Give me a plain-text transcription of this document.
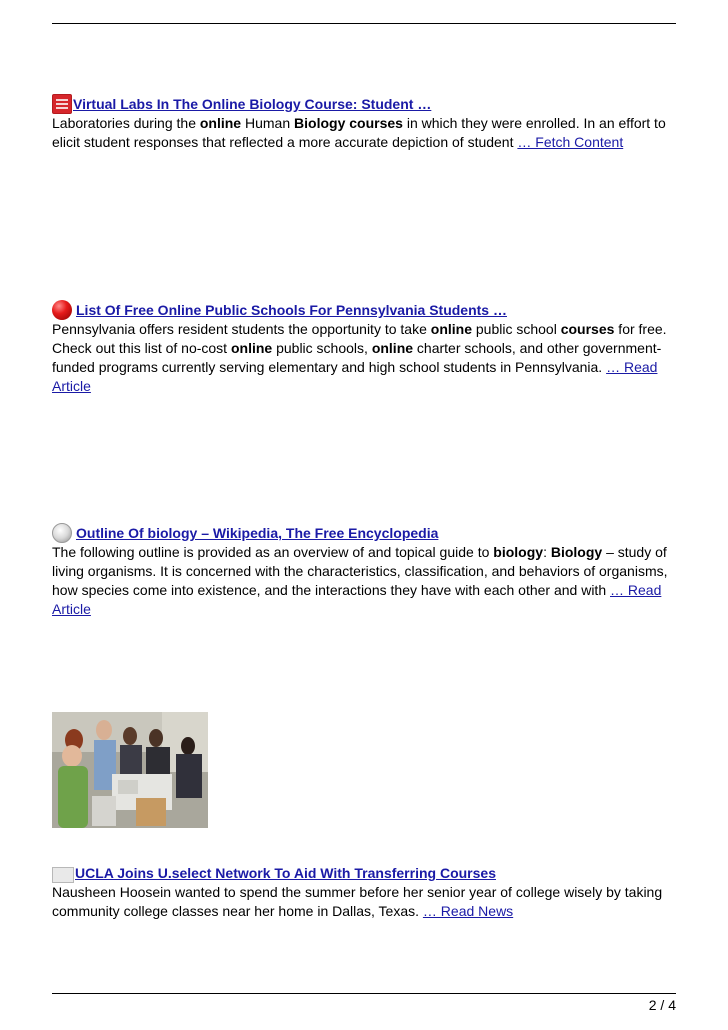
Virtual Labs In The Online Biology Course: Student …

Laboratories during the online Human Biology courses in which they were enrolled. In an effort to elicit student responses that reflected a more accurate depiction of student … Fetch Content

List Of Free Online Public Schools For Pennsylvania Students …

Pennsylvania offers resident students the opportunity to take online public school courses for free. Check out this list of no-cost online public schools, online charter schools, and other government-funded programs currently serving elementary and high school students in Pennsylvania. … Read Article

Outline Of biology – Wikipedia, The Free Encyclopedia

The following outline is provided as an overview of and topical guide to biology: Biology – study of living organisms. It is concerned with the characteristics, classification, and behaviors of organisms, how species come into existence, and the interactions they have with each other and with … Read Article

UCLA Joins U.select Network To Aid With Transferring Courses

Nausheen Hoosein wanted to spend the summer before her senior year of college wisely by taking community college classes near her home in Dallas, Texas. … Read News

2 / 4
